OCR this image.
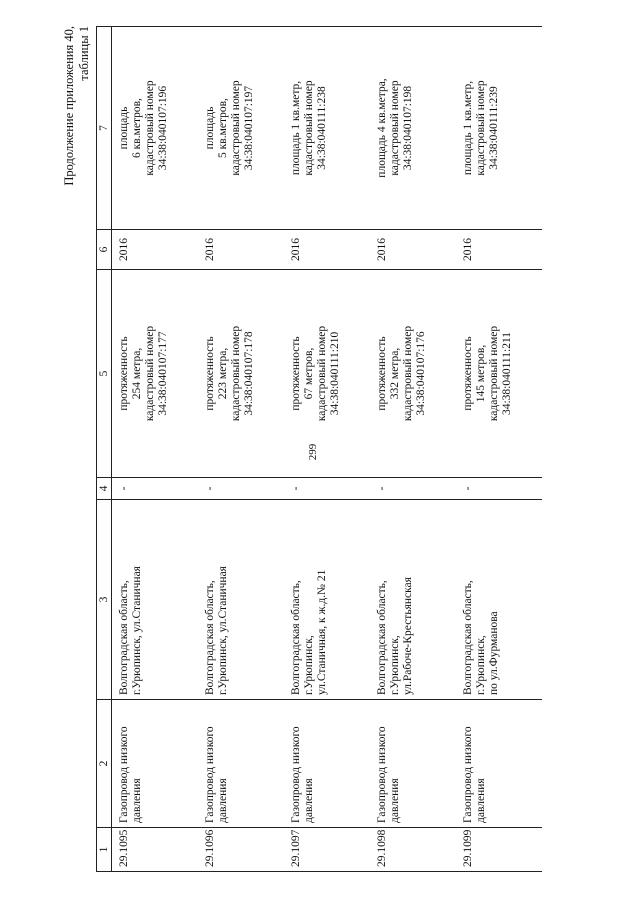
299
Продолжение приложения 40, таблицы 1
1	2	3	4	5	6	7

29.1095	Газопровод низкого давления	Волгоградская область, г.Урюпинск, ул.Станичная	-	протяженность 254 метра, кадастровый номер 34:38:040107:177	2016	площадь 6 кв.метров, кадастровый номер 34:38:040107:196

29.1096	Газопровод низкого давления	Волгоградская область, г.Урюпинск, ул.Станичная	-	протяженность 223 метра, кадастровый номер 34:38:040107:178	2016	площадь 5 кв.метров, кадастровый номер 34:38:040107:197

29.1097	Газопровод низкого давления	Волгоградская область, г.Урюпинск, ул.Станичная, к ж.д.№ 21	-	протяженность 67 метров, кадастровый номер 34:38:040111:210	2016	площадь 1 кв.метр, кадастровый номер 34:38:040111:238

29.1098	Газопровод низкого давления	Волгоградская область, г.Урюпинск, ул.Рабоче-Крестьянская	-	протяженность 332 метра, кадастровый номер 34:38:040107:176	2016	площадь 4 кв.метра, кадастровый номер 34:38:040107:198

29.1099	Газопровод низкого давления	Волгоградская область, г.Урюпинск, по ул.Фурманова	-	протяженность 145 метров, кадастровый номер 34:38:040111:211	2016	площадь 1 кв.метр, кадастровый номер 34:38:040111:239
